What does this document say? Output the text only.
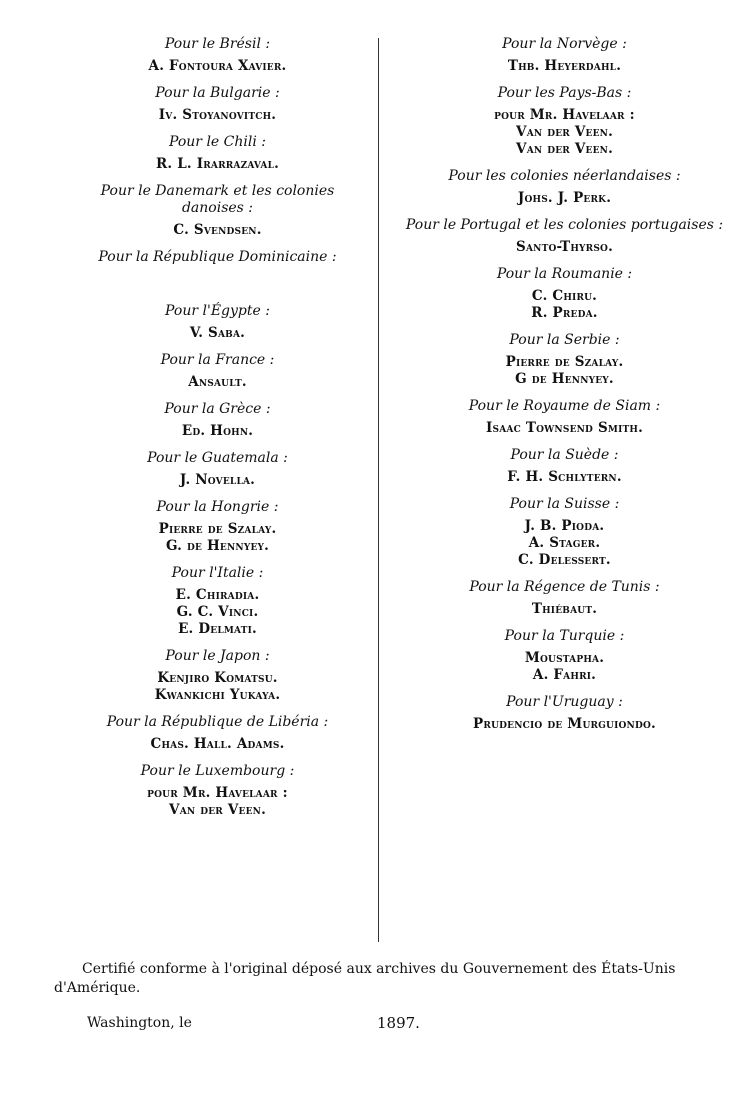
Pour le Brésil :
A. Fontoura Xavier.
Pour la Bulgarie :
Iv. Stoyanovitch.
Pour le Chili :
R. L. Irarrazaval.
Pour le Danemark et les colonies danoises :
C. Svendsen.
Pour la République Dominicaine :
Pour l'Égypte :
V. Saba.
Pour la France :
Ansault.
Pour la Grèce :
Ed. Hohn.
Pour le Guatemala :
J. Novella.
Pour la Hongrie :
Pierre de Szalay.
G. de Hennyey.
Pour l'Italie :
E. Chiradia.
G. C. Vinci.
E. Delmati.
Pour le Japon :
Kenjiro Komatsu.
Kwankichi Yukaya.
Pour la République de Libéria :
Chas. Hall. Adams.
Pour le Luxembourg :
pour Mr. Havelaar :
Van der Veen.
Pour la Norvège :
Thb. Heyerdahl.
Pour les Pays-Bas :
pour Mr. Havelaar :
Van der Veen.
Van der Veen.
Pour les colonies néerlandaises :
Johs. J. Perk.
Pour le Portugal et les colonies portugaises :
Santo-Thyrso.
Pour la Roumanie :
C. Chiru.
R. Preda.
Pour la Serbie :
Pierre de Szalay.
G de Hennyey.
Pour le Royaume de Siam :
Isaac Townsend Smith.
Pour la Suède :
F. H. Schlytern.
Pour la Suisse :
J. B. Pioda.
A. Stager.
C. Delessert.
Pour la Régence de Tunis :
Thiébaut.
Pour la Turquie :
Moustapha.
A. Fahri.
Pour l'Uruguay :
Prudencio de Murguiondo.
Certifié conforme à l'original déposé aux archives du Gouvernement des États-Unis
d'Amérique.
Washington, le	1897.
